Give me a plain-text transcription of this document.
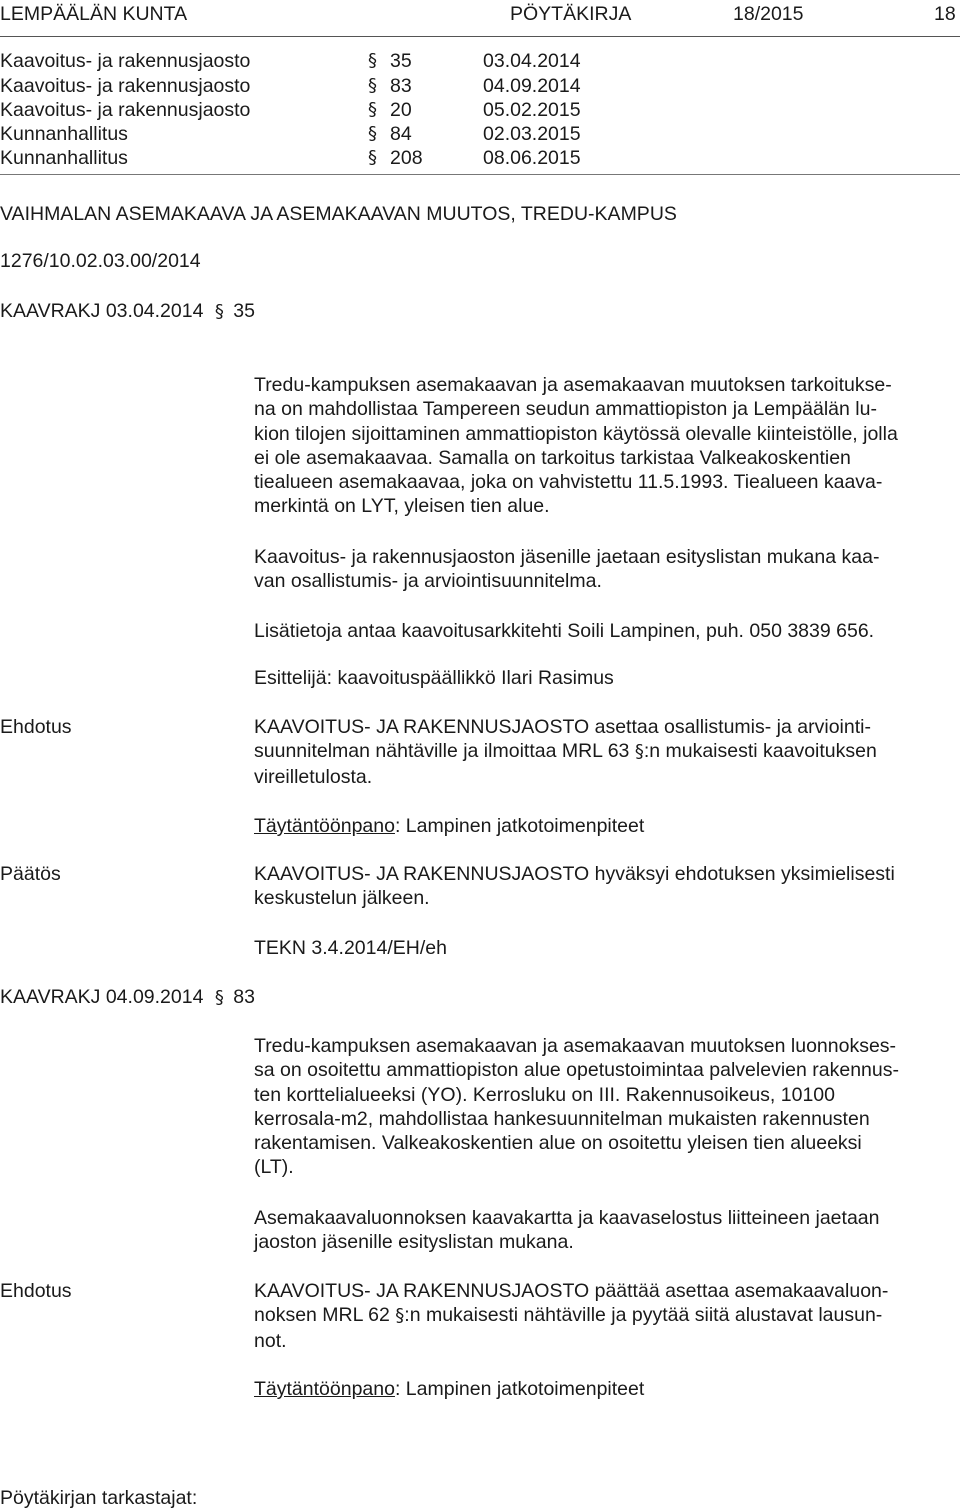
LEMPÄÄLÄN KUNTA	PÖYTÄKIRJA	18/2015	18
Kaavoitus- ja rakennusjaosto	§ 35	03.04.2014
Kaavoitus- ja rakennusjaosto	§ 83	04.09.2014
Kaavoitus- ja rakennusjaosto	§ 20	05.02.2015
Kunnanhallitus	§ 84	02.03.2015
Kunnanhallitus	§ 208	08.06.2015
VAIHMALAN ASEMAKAAVA JA ASEMAKAAVAN MUUTOS, TREDU-KAMPUS
1276/10.02.03.00/2014
KAAVRAKJ 03.04.2014 § 35
Tredu-kampuksen asemakaavan ja asemakaavan muutoksen tarkoitukse-
na on mahdollistaa Tampereen seudun ammattiopiston ja Lempäälän lu-
kion tilojen sijoittaminen ammattiopiston käytössä olevalle kiinteistölle, jolla
ei ole asemakaavaa. Samalla on tarkoitus tarkistaa Valkeakoskentien
tiealueen asemakaavaa, joka on vahvistettu 11.5.1993. Tiealueen kaava-
merkintä on LYT, yleisen tien alue.
Kaavoitus- ja rakennusjaoston jäsenille jaetaan esityslistan mukana kaa-
van osallistumis- ja arviointisuunnitelma.
Lisätietoja antaa kaavoitusarkkitehti Soili Lampinen, puh. 050 3839 656.
Esittelijä: kaavoituspäällikkö Ilari Rasimus
Ehdotus	KAAVOITUS- JA RAKENNUSJAOSTO asettaa osallistumis- ja arviointi-
suunnitelman nähtäville ja ilmoittaa MRL 63 §:n mukaisesti kaavoituksen
vireilletulosta.
Täytäntöönpano: Lampinen jatkotoimenpiteet
Päätös	KAAVOITUS- JA RAKENNUSJAOSTO hyväksyi ehdotuksen yksimielisesti
keskustelun jälkeen.
TEKN 3.4.2014/EH/eh
KAAVRAKJ 04.09.2014 § 83
Tredu-kampuksen asemakaavan ja asemakaavan muutoksen luonnokses-
sa on osoitettu ammattiopiston alue opetustoimintaa palvelevien rakennus-
ten korttelialueeksi (YO). Kerrosluku on III. Rakennusoikeus, 10100
kerrosala-m2, mahdollistaa hankesuunnitelman mukaisten rakennusten
rakentamisen. Valkeakoskentien alue on osoitettu yleisen tien alueeksi
(LT).
Asemakaavaluonnoksen kaavakartta ja kaavaselostus liitteineen jaetaan
jaoston jäsenille esityslistan mukana.
Ehdotus	KAAVOITUS- JA RAKENNUSJAOSTO päättää asettaa asemakaavaluon-
noksen MRL 62 §:n mukaisesti nähtäville ja pyytää siitä alustavat lausun-
not.
Täytäntöönpano: Lampinen jatkotoimenpiteet
Pöytäkirjan tarkastajat:
